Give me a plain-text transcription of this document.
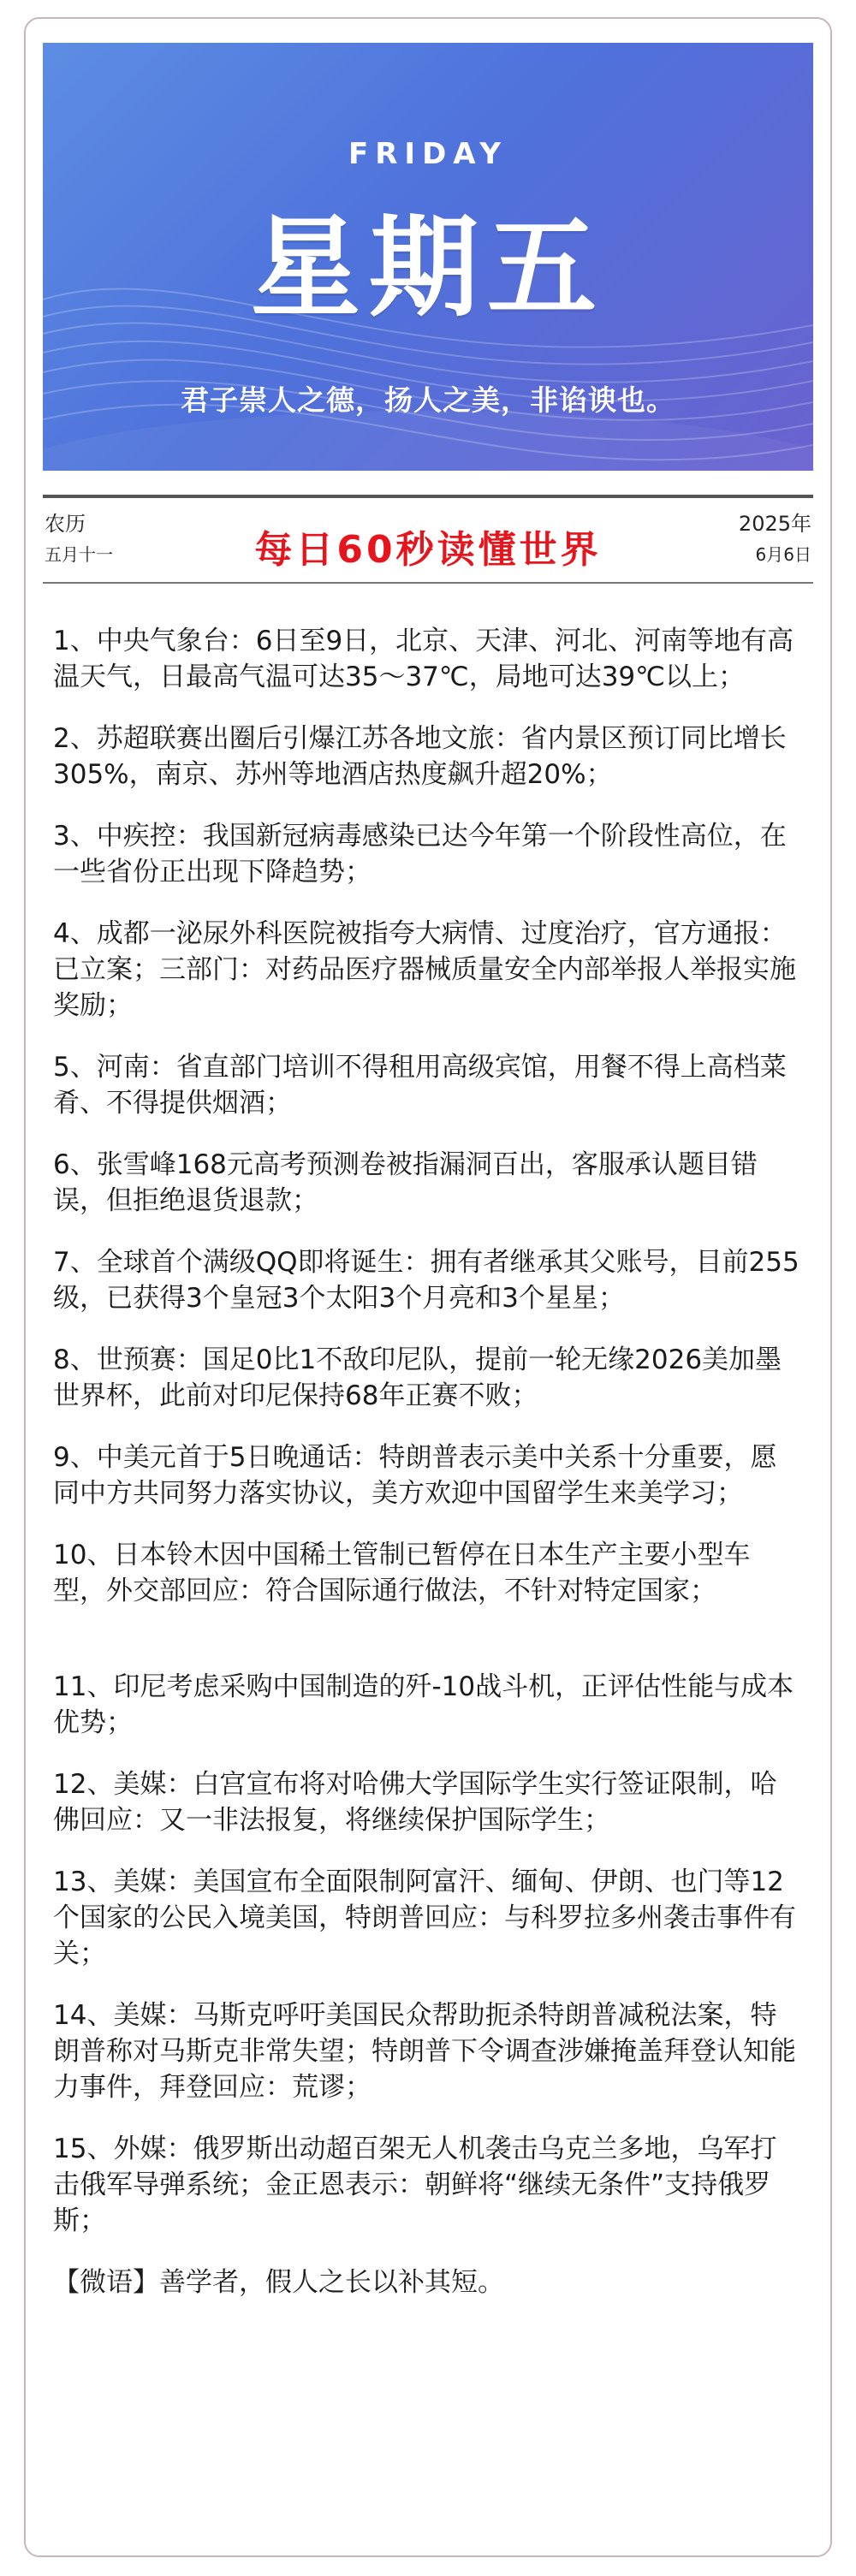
FRIDAY
星期五
君子崇人之德，扬人之美，非谄谀也。
农历
五月十一	每日60秒读懂世界
2025年
6月6日

1、中央气象台：6日至9日，北京、天津、河北、河南等地有高温天气，日最高气温可达35～37℃，局地可达39℃以上；

2、苏超联赛出圈后引爆江苏各地文旅：省内景区预订同比增长305%，南京、苏州等地酒店热度飙升超20%；

3、中疾控：我国新冠病毒感染已达今年第一个阶段性高位，在一些省份正出现下降趋势；

4、成都一泌尿外科医院被指夸大病情、过度治疗，官方通报：已立案；三部门：对药品医疗器械质量安全内部举报人举报实施奖励；

5、河南：省直部门培训不得租用高级宾馆，用餐不得上高档菜肴、不得提供烟酒；

6、张雪峰168元高考预测卷被指漏洞百出，客服承认题目错误，但拒绝退货退款；

7、全球首个满级QQ即将诞生：拥有者继承其父账号，目前255级，已获得3个皇冠3个太阳3个月亮和3个星星；

8、世预赛：国足0比1不敌印尼队，提前一轮无缘2026美加墨世界杯，此前对印尼保持68年正赛不败；

9、中美元首于5日晚通话：特朗普表示美中关系十分重要，愿同中方共同努力落实协议，美方欢迎中国留学生来美学习；

10、日本铃木因中国稀土管制已暂停在日本生产主要小型车型，外交部回应：符合国际通行做法，不针对特定国家；

11、印尼考虑采购中国制造的歼-10战斗机，正评估性能与成本优势；

12、美媒：白宫宣布将对哈佛大学国际学生实行签证限制，哈佛回应：又一非法报复，将继续保护国际学生；

13、美媒：美国宣布全面限制阿富汗、缅甸、伊朗、也门等12个国家的公民入境美国，特朗普回应：与科罗拉多州袭击事件有关；

14、美媒：马斯克呼吁美国民众帮助扼杀特朗普减税法案，特朗普称对马斯克非常失望；特朗普下令调查涉嫌掩盖拜登认知能力事件，拜登回应：荒谬；

15、外媒：俄罗斯出动超百架无人机袭击乌克兰多地，乌军打击俄军导弹系统；金正恩表示：朝鲜将“继续无条件”支持俄罗斯；

【微语】善学者，假人之长以补其短。
